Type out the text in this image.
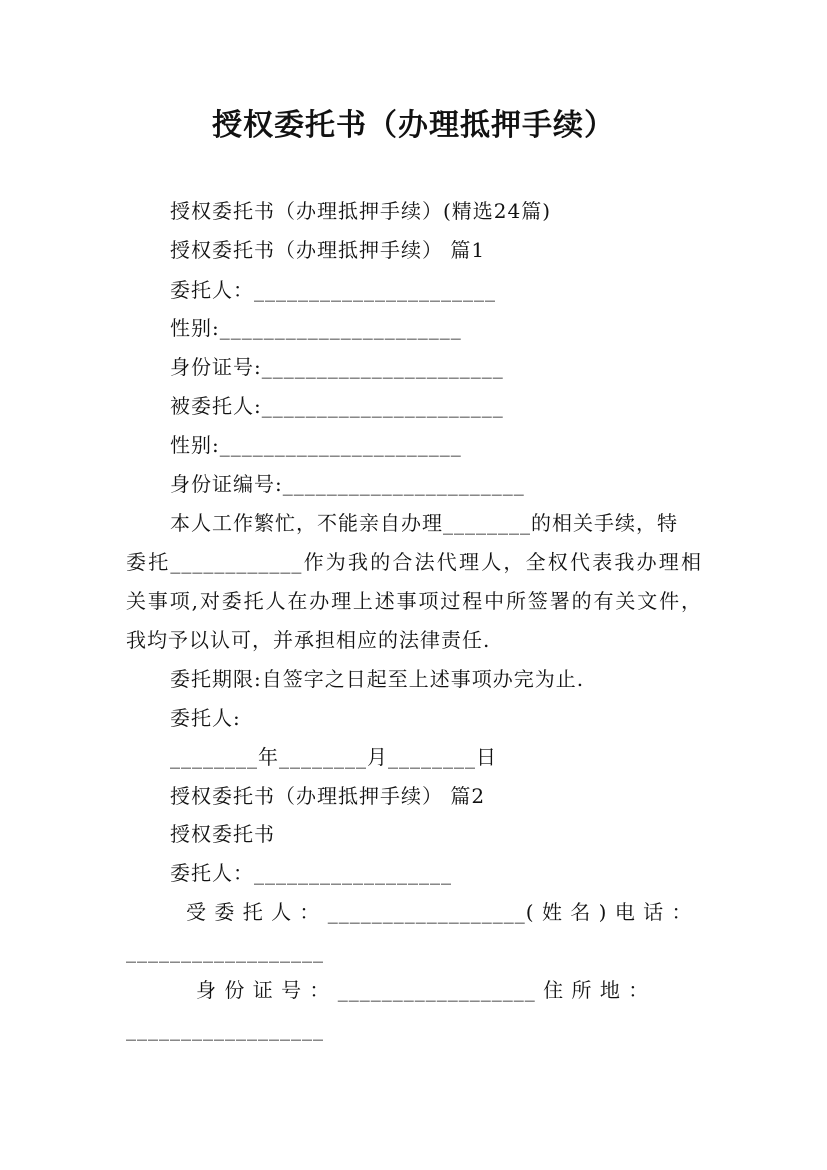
授权委托书（办理抵押手续）
授权委托书（办理抵押手续）(精选24篇)
授权委托书（办理抵押手续） 篇1
委托人：______________________
性别:______________________
身份证号:______________________
被委托人:______________________
性别:______________________
身份证编号:______________________
本人工作繁忙，不能亲自办理________的相关手续，特
委托____________作为我的合法代理人，全权代表我办理相
关事项,对委托人在办理上述事项过程中所签署的有关文件，
我均予以认可，并承担相应的法律责任.
委托期限:自签字之日起至上述事项办完为止.
委托人:
________年________月________日
授权委托书（办理抵押手续） 篇2
授权委托书
委托人：__________________
受 委 托 人 ： __________________( 姓 名 ) 电 话 ：
__________________
身 份 证 号 ： __________________ 住 所 地 ：
__________________
